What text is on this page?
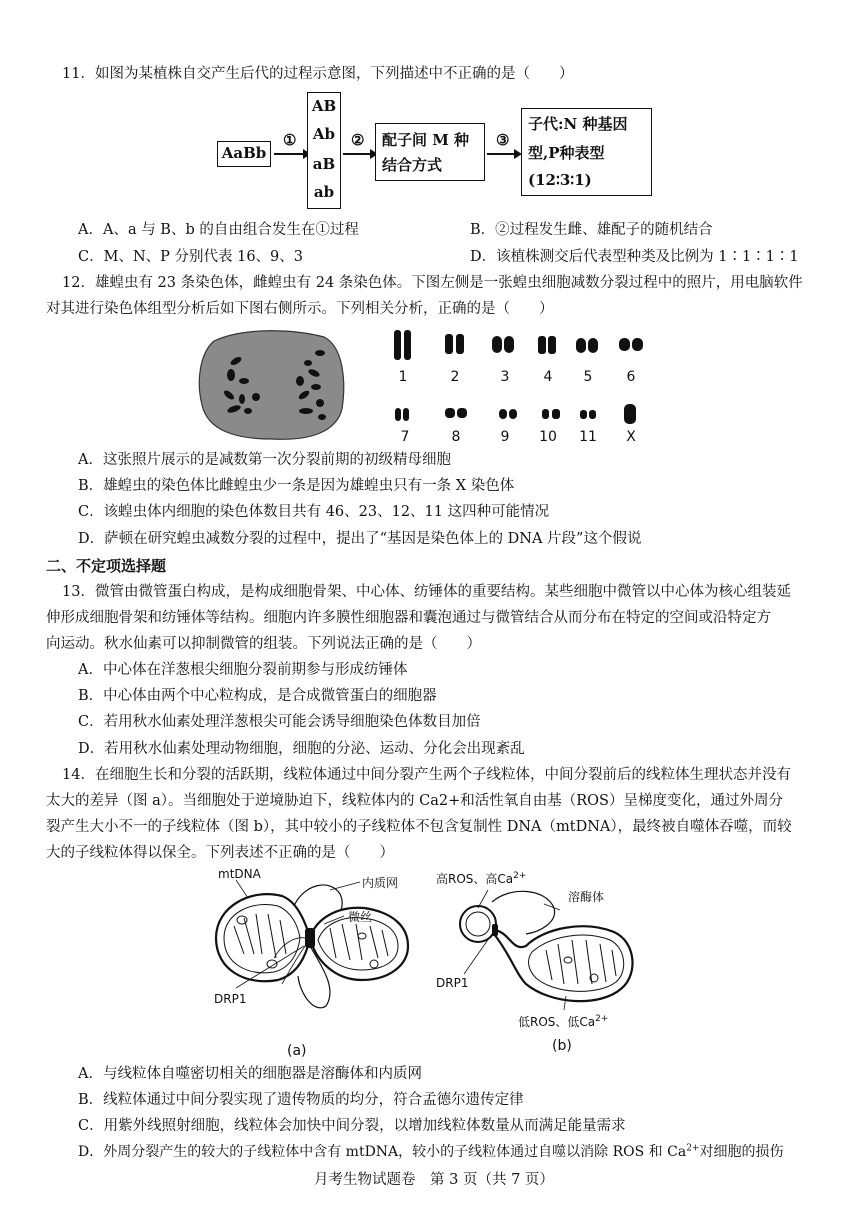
11．如图为某植株自交产生后代的过程示意图，下列描述中不正确的是（　　）
AaBb
①
AB
Ab
aB
ab
② 配子间 M 种
结合方式
③
子代:N 种基因
型,P种表型
(12∶3∶1)
A．A、a 与 B、b 的自由组合发生在①过程	B．②过程发生雌、雄配子的随机结合
C．M、N、P 分别代表 16、9、3	D．该植株测交后代表型种类及比例为 1∶1∶1∶1
12．雄蝗虫有 23 条染色体，雌蝗虫有 24 条染色体。下图左侧是一张蝗虫细胞减数分裂过程中的照片，用电脑软件
对其进行染色体组型分析后如下图右侧所示。下列相关分析，正确的是（　　）
1	2	3	4	5	6
7	8	9	10	11	X
A．这张照片展示的是减数第一次分裂前期的初级精母细胞
B．雄蝗虫的染色体比雌蝗虫少一条是因为雄蝗虫只有一条 X 染色体
C．该蝗虫体内细胞的染色体数目共有 46、23、12、11 这四种可能情况
D．萨顿在研究蝗虫减数分裂的过程中，提出了“基因是染色体上的 DNA 片段”这个假说
二、不定项选择题
13．微管由微管蛋白构成，是构成细胞骨架、中心体、纺锤体的重要结构。某些细胞中微管以中心体为核心组装延
伸形成细胞骨架和纺锤体等结构。细胞内许多膜性细胞器和囊泡通过与微管结合从而分布在特定的空间或沿特定方
向运动。秋水仙素可以抑制微管的组装。下列说法正确的是（　　）
A．中心体在洋葱根尖细胞分裂前期参与形成纺锤体
B．中心体由两个中心粒构成，是合成微管蛋白的细胞器
C．若用秋水仙素处理洋葱根尖可能会诱导细胞染色体数目加倍
D．若用秋水仙素处理动物细胞，细胞的分泌、运动、分化会出现紊乱
14．在细胞生长和分裂的活跃期，线粒体通过中间分裂产生两个子线粒体，中间分裂前后的线粒体生理状态并没有
太大的差异（图 a）。当细胞处于逆境胁迫下，线粒体内的 Ca2+和活性氧自由基（ROS）呈梯度变化，通过外周分
裂产生大小不一的子线粒体（图 b），其中较小的子线粒体不包含复制性 DNA（mtDNA），最终被自噬体吞噬，而较
大的子线粒体得以保全。下列表述不正确的是（　　）
mtDNA
内质网
微丝
DRP1
(a)
高ROS、高$Ca^{2+}$
溶酶体
DRP1
低ROS、低$Ca^{2+}$
(b)
A．与线粒体自噬密切相关的细胞器是溶酶体和内质网
B．线粒体通过中间分裂实现了遗传物质的均分，符合孟德尔遗传定律
C．用紫外线照射细胞，线粒体会加快中间分裂，以增加线粒体数量从而满足能量需求
D．外周分裂产生的较大的子线粒体中含有 mtDNA，较小的子线粒体通过自噬以消除 ROS 和 $Ca^{2+}$对细胞的损伤
月考生物试题卷　第 3 页（共 7 页）
